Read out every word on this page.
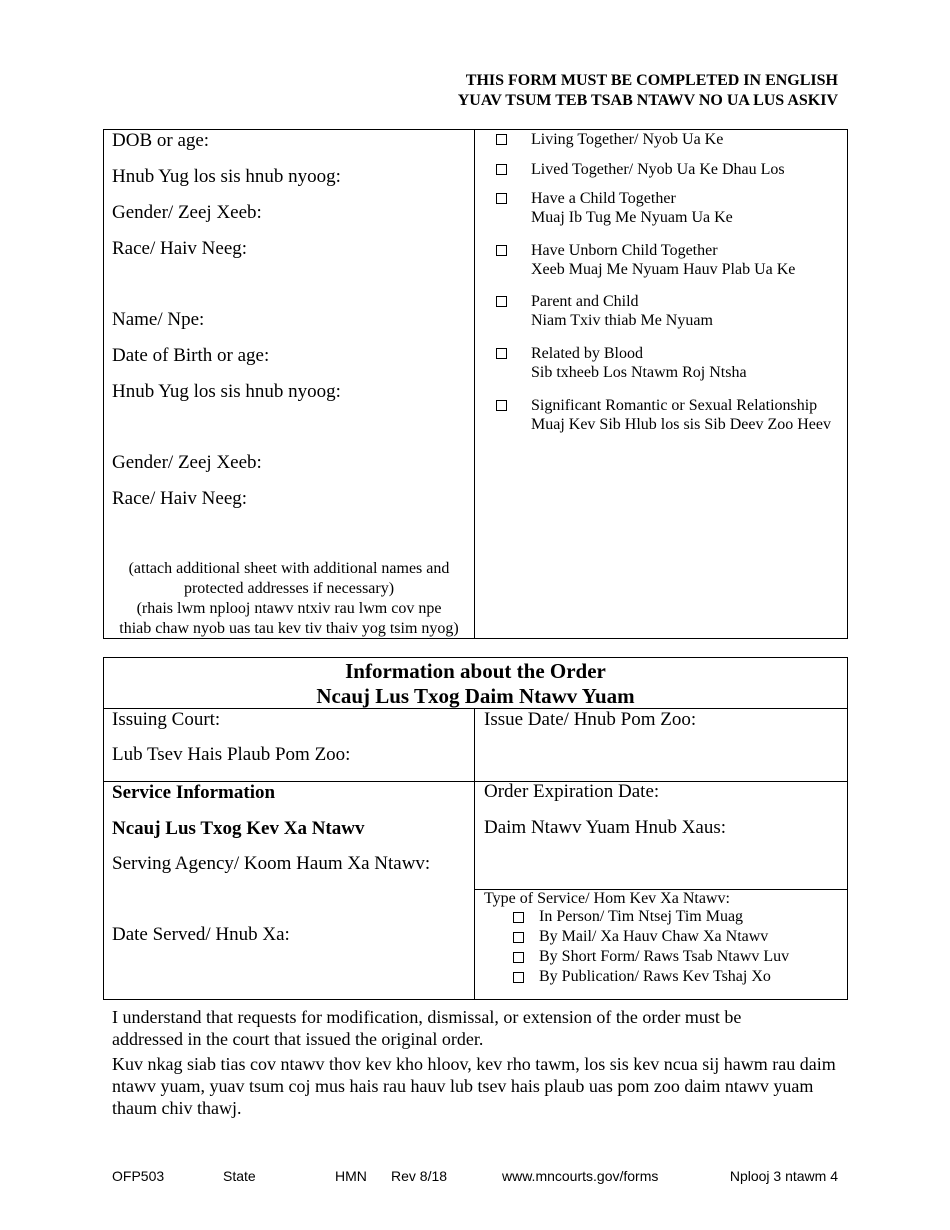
THIS FORM MUST BE COMPLETED IN ENGLISH
YUAV TSUM TEB TSAB NTAWV NO UA LUS ASKIV
DOB or age:
Hnub Yug los sis hnub nyoog:
Gender/ Zeej Xeeb:
Race/ Haiv Neeg:
Name/ Npe:
Date of Birth or age:
Hnub Yug los sis hnub nyoog:
Gender/ Zeej Xeeb:
Race/ Haiv Neeg:
(attach additional sheet with additional names and
protected addresses if necessary)
(rhais lwm nplooj ntawv ntxiv rau lwm cov npe
thiab chaw nyob uas tau kev tiv thaiv yog tsim nyog)
Living Together/ Nyob Ua Ke
Lived Together/ Nyob Ua Ke Dhau Los
Have a Child Together
Muaj Ib Tug Me Nyuam Ua Ke
Have Unborn Child Together
Xeeb Muaj Me Nyuam Hauv Plab Ua Ke
Parent and Child
Niam Txiv thiab Me Nyuam
Related by Blood
Sib txheeb Los Ntawm Roj Ntsha
Significant Romantic or Sexual Relationship
Muaj Kev Sib Hlub los sis Sib Deev Zoo Heev
Information about the Order
Ncauj Lus Txog Daim Ntawv Yuam
Issuing Court:
Lub Tsev Hais Plaub Pom Zoo:
Issue Date/ Hnub Pom Zoo:
Service Information
Ncauj Lus Txog Kev Xa Ntawv
Serving Agency/ Koom Haum Xa Ntawv:
Date Served/ Hnub Xa:
Order Expiration Date:
Daim Ntawv Yuam Hnub Xaus:
Type of Service/ Hom Kev Xa Ntawv:
In Person/ Tim Ntsej Tim Muag
By Mail/ Xa Hauv Chaw Xa Ntawv
By Short Form/ Raws Tsab Ntawv Luv
By Publication/ Raws Kev Tshaj Xo
I understand that requests for modification, dismissal, or extension of the order must be addressed in the court that issued the original order.
Kuv nkag siab tias cov ntawv thov kev kho hloov, kev rho tawm, los sis kev ncua sij hawm rau daim ntawv yuam, yuav tsum coj mus hais rau hauv lub tsev hais plaub uas pom zoo daim ntawv yuam thaum chiv thawj.
OFP503	State	HMN Rev 8/18	www.mncourts.gov/forms	Nplooj 3 ntawm 4
